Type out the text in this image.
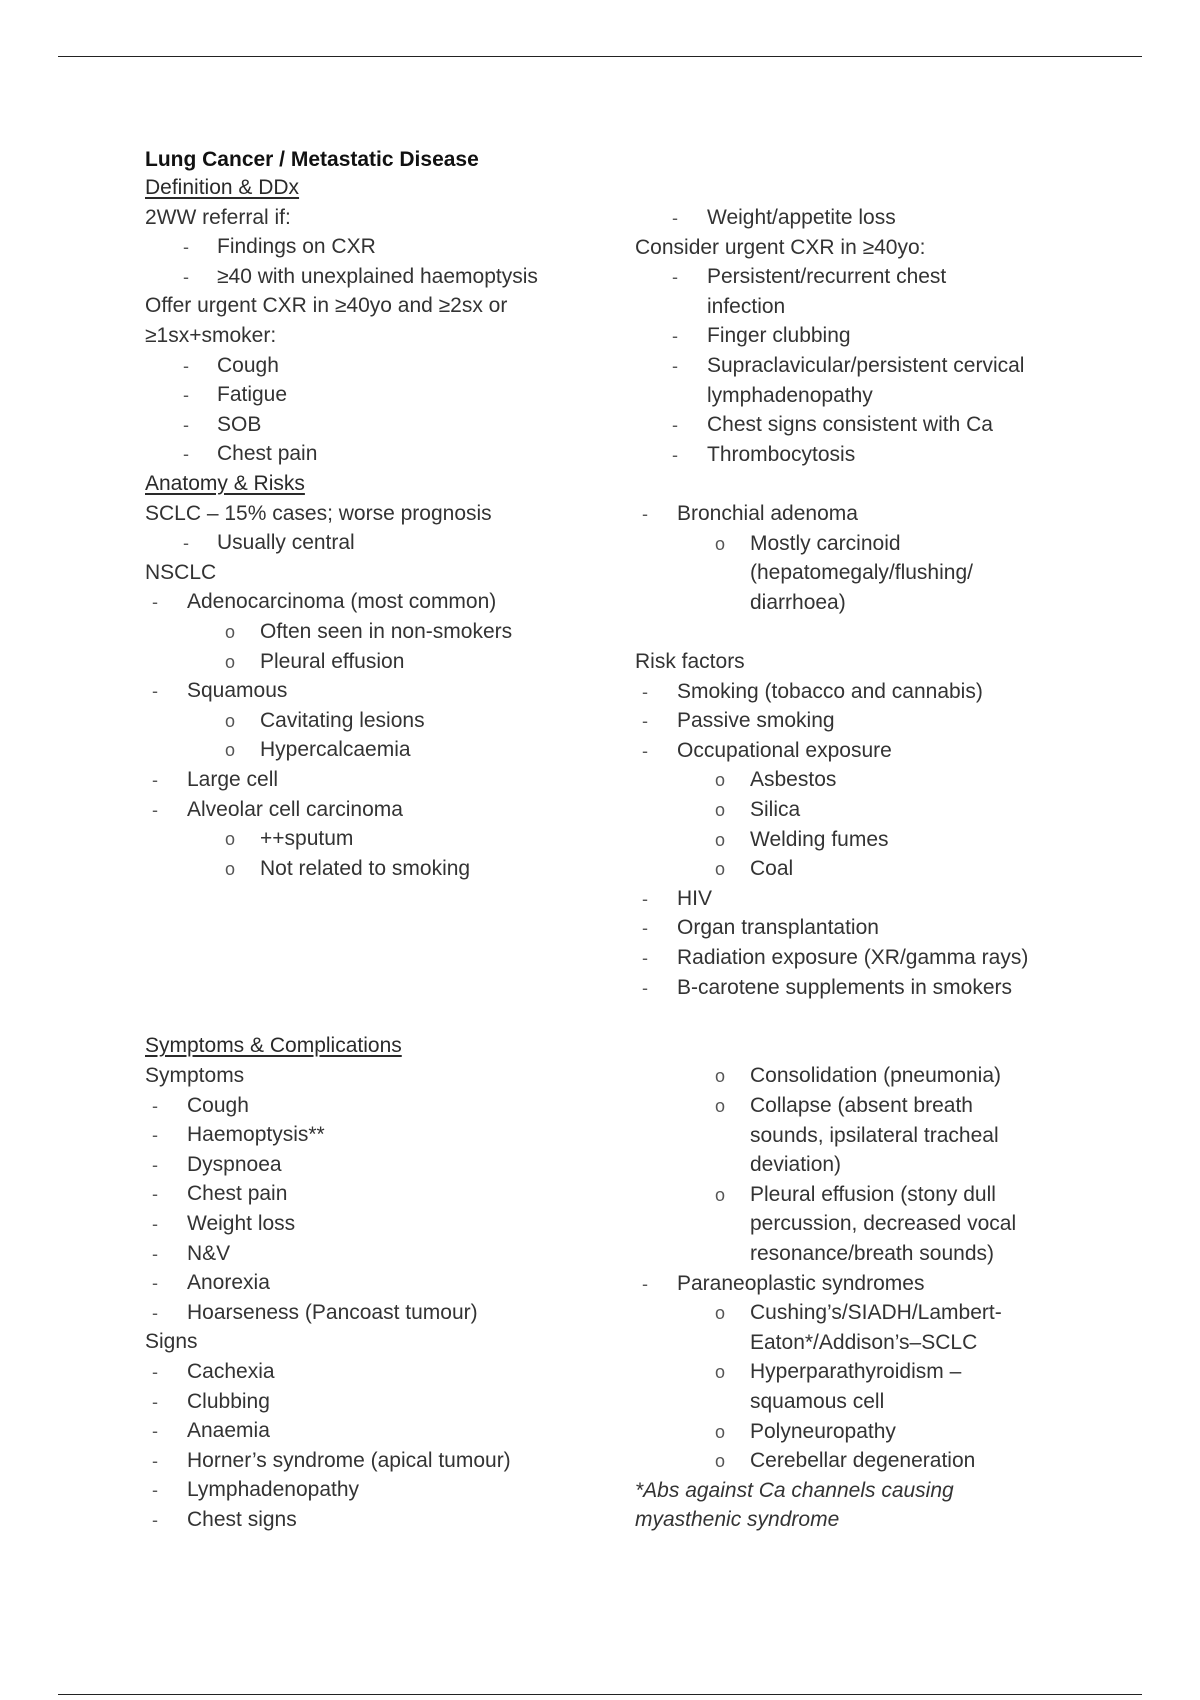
Lung Cancer / Metastatic Disease
Definition & DDx
2WW referral if:
-
Findings on CXR
-
≥40 with unexplained haemoptysis
Offer urgent CXR in ≥40yo and ≥2sx or
≥1sx+smoker:
-
Cough
-
Fatigue
-
SOB
-
Chest pain
Anatomy & Risks
SCLC – 15% cases; worse prognosis
-
Usually central
NSCLC
-
Adenocarcinoma (most common)
o
Often seen in non-smokers
o
Pleural effusion
-
Squamous
o
Cavitating lesions
o
Hypercalcaemia
-
Large cell
-
Alveolar cell carcinoma
o
++sputum
o
Not related to smoking
Symptoms & Complications
Symptoms
-
Cough
-
Haemoptysis**
-
Dyspnoea
-
Chest pain
-
Weight loss
-
N&V
-
Anorexia
-
Hoarseness (Pancoast tumour)
Signs
-
Cachexia
-
Clubbing
-
Anaemia
-
Horner’s syndrome (apical tumour)
-
Lymphadenopathy
-
Chest signs
-
Weight/appetite loss
Consider urgent CXR in ≥40yo:
-
Persistent/recurrent chest
infection
-
Finger clubbing
-
Supraclavicular/persistent cervical
lymphadenopathy
-
Chest signs consistent with Ca
-
Thrombocytosis
-
Bronchial adenoma
o
Mostly carcinoid
(hepatomegaly/flushing/
diarrhoea)
Risk factors
-
Smoking (tobacco and cannabis)
-
Passive smoking
-
Occupational exposure
o
Asbestos
o
Silica
o
Welding fumes
o
Coal
-
HIV
-
Organ transplantation
-
Radiation exposure (XR/gamma rays)
-
B-carotene supplements in smokers
o
Consolidation (pneumonia)
o
Collapse (absent breath
sounds, ipsilateral tracheal
deviation)
o
Pleural effusion (stony dull
percussion, decreased vocal
resonance/breath sounds)
-
Paraneoplastic syndromes
o
Cushing’s/SIADH/Lambert-
Eaton*/Addison’s–SCLC
o
Hyperparathyroidism –
squamous cell
o
Polyneuropathy
o
Cerebellar degeneration
*Abs against Ca channels causing
myasthenic syndrome
